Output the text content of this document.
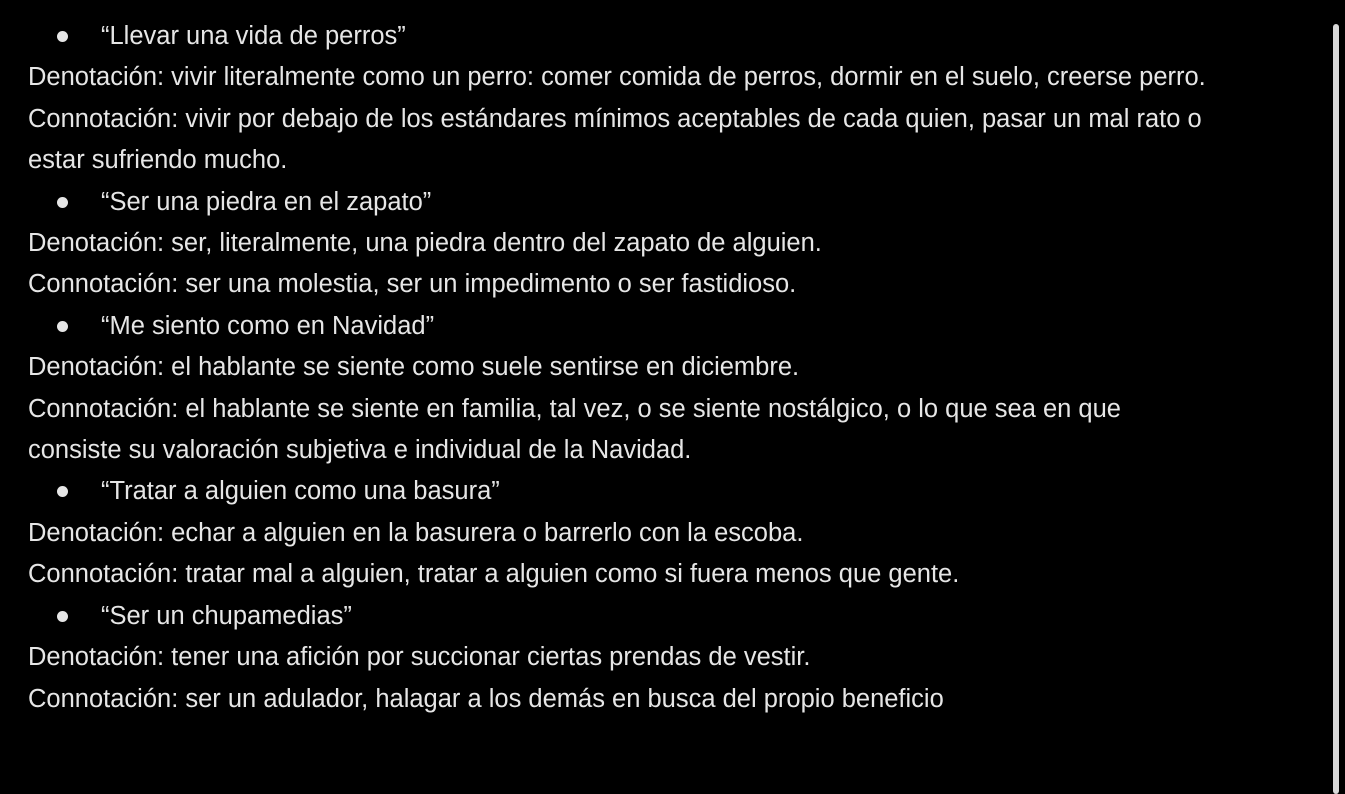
“Llevar una vida de perros”
Denotación: vivir literalmente como un perro: comer comida de perros, dormir en el suelo, creerse perro.
Connotación: vivir por debajo de los estándares mínimos aceptables de cada quien, pasar un mal rato o estar sufriendo mucho.
“Ser una piedra en el zapato”
Denotación: ser, literalmente, una piedra dentro del zapato de alguien.
Connotación: ser una molestia, ser un impedimento o ser fastidioso.
“Me siento como en Navidad”
Denotación: el hablante se siente como suele sentirse en diciembre.
Connotación: el hablante se siente en familia, tal vez, o se siente nostálgico, o lo que sea en que consiste su valoración subjetiva e individual de la Navidad.
“Tratar a alguien como una basura”
Denotación: echar a alguien en la basurera o barrerlo con la escoba.
Connotación: tratar mal a alguien, tratar a alguien como si fuera menos que gente.
“Ser un chupamedias”
Denotación: tener una afición por succionar ciertas prendas de vestir.
Connotación: ser un adulador, halagar a los demás en busca del propio beneficio
